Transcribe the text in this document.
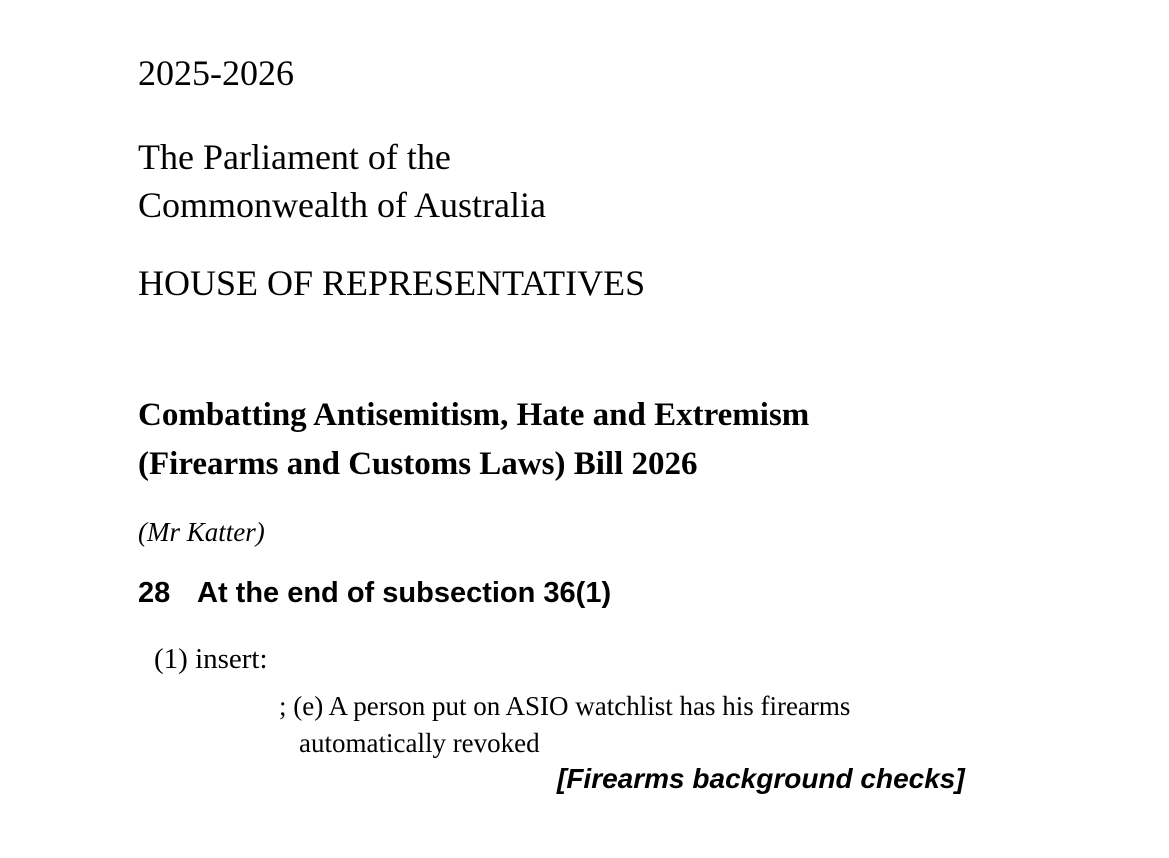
2025-2026
The Parliament of the
Commonwealth of Australia
HOUSE OF REPRESENTATIVES
Combatting Antisemitism, Hate and Extremism
(Firearms and Customs Laws) Bill 2026
(Mr Katter)
28 At the end of subsection 36(1)
(1) insert:
; (e) A person put on ASIO watchlist has his firearms
automatically revoked
[Firearms background checks]
